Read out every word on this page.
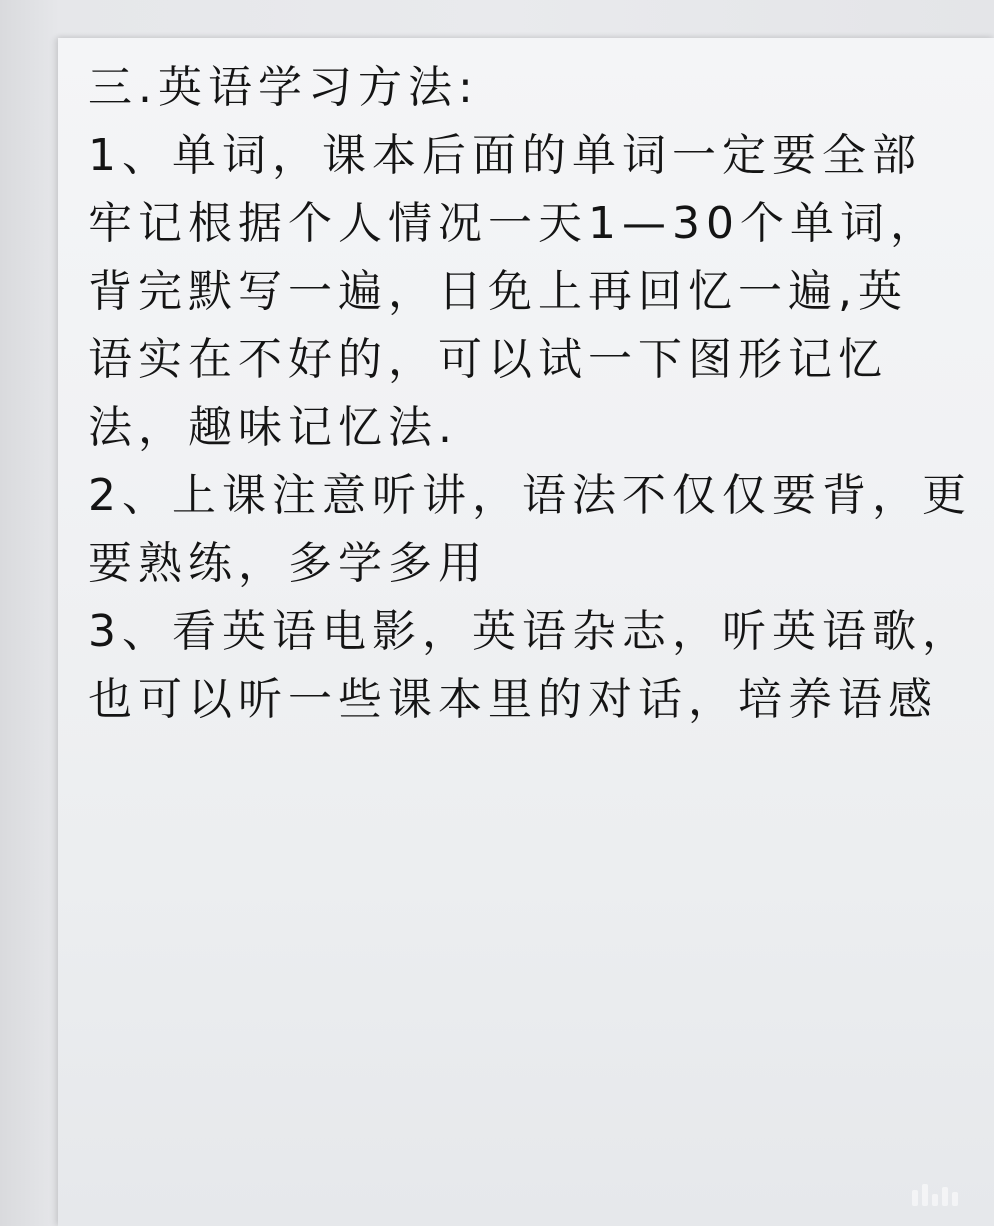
三.英语学习方法:
1、单词，课本后面的单词一定要全部
牢记根据个人情况一天1—30个单词，
背完默写一遍，日免上再回忆一遍,英
语实在不好的，可以试一下图形记忆
法，趣味记忆法.
2、上课注意听讲，语法不仅仅要背，更
要熟练，多学多用
3、看英语电影，英语杂志，听英语歌，
也可以听一些课本里的对话，培养语感
